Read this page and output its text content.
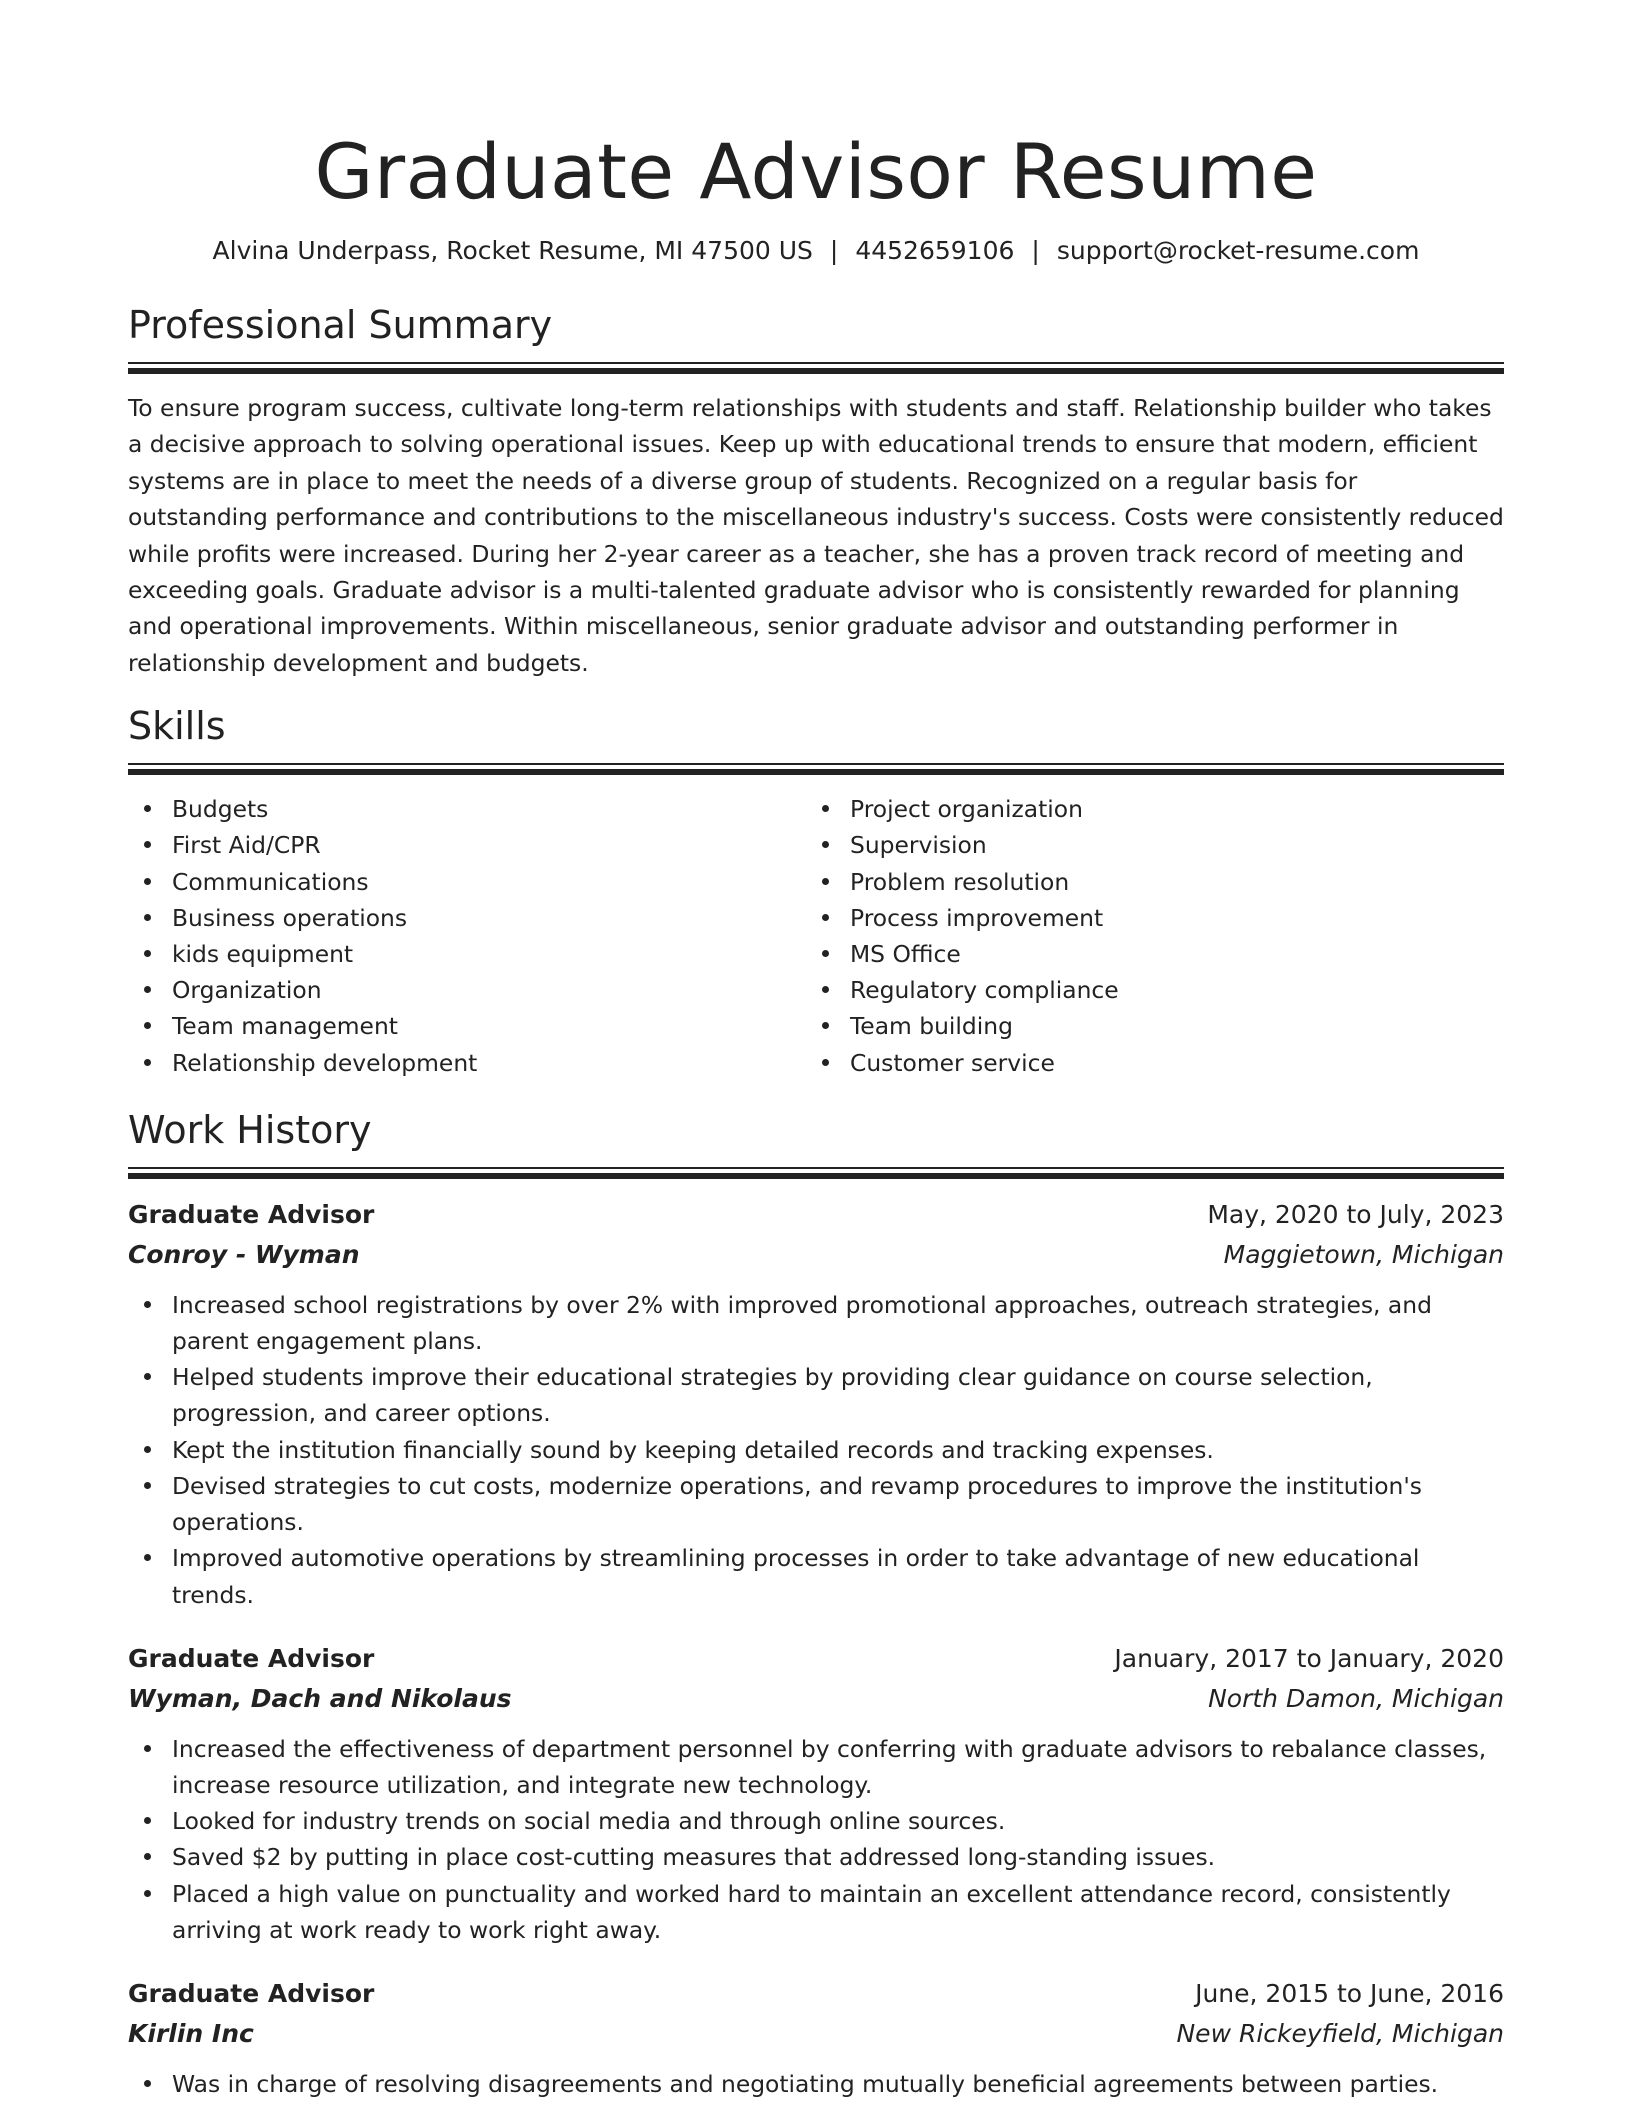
Graduate Advisor Resume
Alvina Underpass, Rocket Resume, MI 47500 US | 4452659106 | support@rocket-resume.com
Professional Summary
To ensure program success, cultivate long-term relationships with students and staff. Relationship builder who takes a decisive approach to solving operational issues. Keep up with educational trends to ensure that modern, efficient systems are in place to meet the needs of a diverse group of students. Recognized on a regular basis for outstanding performance and contributions to the miscellaneous industry's success. Costs were consistently reduced while profits were increased. During her 2-year career as a teacher, she has a proven track record of meeting and exceeding goals. Graduate advisor is a multi-talented graduate advisor who is consistently rewarded for planning and operational improvements. Within miscellaneous, senior graduate advisor and outstanding performer in relationship development and budgets.
Skills
Budgets
First Aid/CPR
Communications
Business operations
kids equipment
Organization
Team management
Relationship development
Project organization
Supervision
Problem resolution
Process improvement
MS Office
Regulatory compliance
Team building
Customer service
Work History
Graduate Advisor	May, 2020 to July, 2023
Conroy - Wyman	Maggietown, Michigan
Increased school registrations by over 2% with improved promotional approaches, outreach strategies, and parent engagement plans.
Helped students improve their educational strategies by providing clear guidance on course selection, progression, and career options.
Kept the institution financially sound by keeping detailed records and tracking expenses.
Devised strategies to cut costs, modernize operations, and revamp procedures to improve the institution's operations.
Improved automotive operations by streamlining processes in order to take advantage of new educational trends.
Graduate Advisor	January, 2017 to January, 2020
Wyman, Dach and Nikolaus	North Damon, Michigan
Increased the effectiveness of department personnel by conferring with graduate advisors to rebalance classes, increase resource utilization, and integrate new technology.
Looked for industry trends on social media and through online sources.
Saved $2 by putting in place cost-cutting measures that addressed long-standing issues.
Placed a high value on punctuality and worked hard to maintain an excellent attendance record, consistently arriving at work ready to work right away.
Graduate Advisor	June, 2015 to June, 2016
Kirlin Inc	New Rickeyfield, Michigan
Was in charge of resolving disagreements and negotiating mutually beneficial agreements between parties.
